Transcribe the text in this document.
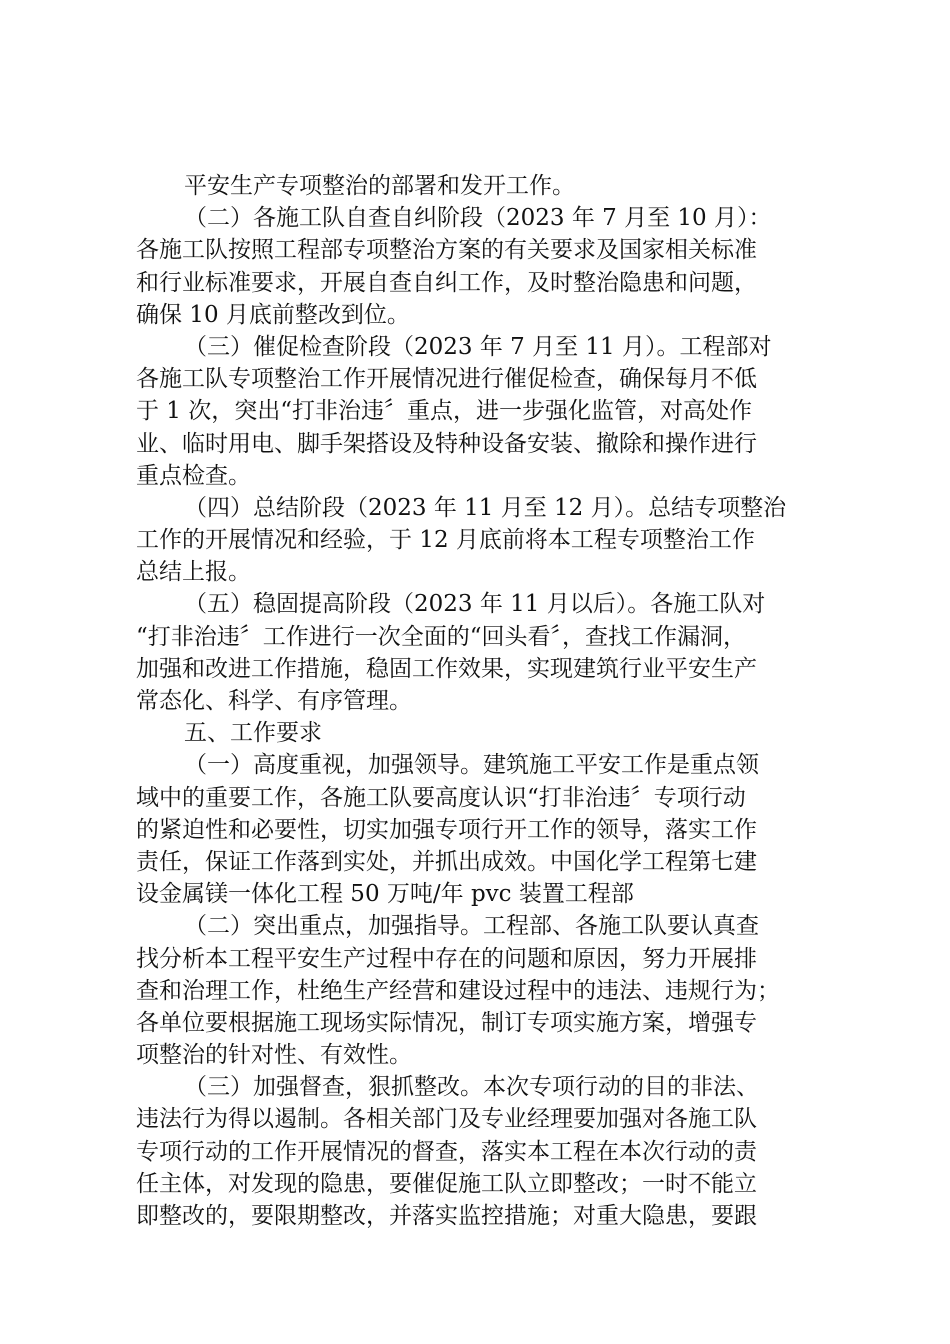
平安生产专项整治的部署和发开工作。
（二）各施工队自查自纠阶段（2023 年 7 月至 10 月）：
各施工队按照工程部专项整治方案的有关要求及国家相关标准
和行业标准要求，开展自查自纠工作，及时整治隐患和问题，
确保 10 月底前整改到位。
（三）催促检查阶段（2023 年 7 月至 11 月）。工程部对
各施工队专项整治工作开展情况进行催促检查，确保每月不低
于 1 次，突出“打非治违〞重点，进一步强化监管，对高处作
业、临时用电、脚手架搭设及特种设备安装、撤除和操作进行
重点检查。
（四）总结阶段（2023 年 11 月至 12 月）。总结专项整治
工作的开展情况和经验，于 12 月底前将本工程专项整治工作
总结上报。
（五）稳固提高阶段（2023 年 11 月以后）。各施工队对
“打非治违〞工作进行一次全面的“回头看〞，查找工作漏洞，
加强和改进工作措施，稳固工作效果，实现建筑行业平安生产
常态化、科学、有序管理。
五、工作要求
（一）高度重视，加强领导。建筑施工平安工作是重点领
域中的重要工作，各施工队要高度认识“打非治违〞专项行动
的紧迫性和必要性，切实加强专项行开工作的领导，落实工作
责任，保证工作落到实处，并抓出成效。中国化学工程第七建
设金属镁一体化工程 50 万吨/年 pvc 装置工程部
（二）突出重点，加强指导。工程部、各施工队要认真查
找分析本工程平安生产过程中存在的问题和原因，努力开展排
查和治理工作，杜绝生产经营和建设过程中的违法、违规行为；
各单位要根据施工现场实际情况，制订专项实施方案，增强专
项整治的针对性、有效性。
（三）加强督查，狠抓整改。本次专项行动的目的非法、
违法行为得以遏制。各相关部门及专业经理要加强对各施工队
专项行动的工作开展情况的督查，落实本工程在本次行动的责
任主体，对发现的隐患，要催促施工队立即整改；一时不能立
即整改的，要限期整改，并落实监控措施；对重大隐患，要跟
